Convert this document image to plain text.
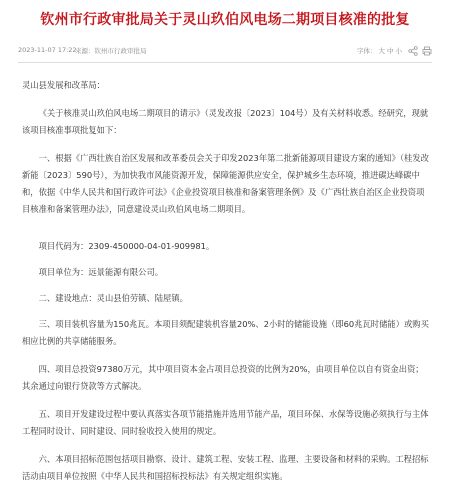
钦州市行政审批局关于灵山玖伯风电场二期项目核准的批复
2023-11-07 17:22
来源：钦州市行政审批局	字体： 大 中 小
灵山县发展和改革局：
《关于核准灵山玖伯风电场二期项目的请示》（灵发改报〔2023〕104号）及有关材料收悉。经研究，现就该项目核准事项批复如下：
一、根据《广西壮族自治区发展和改革委员会关于印发2023年第二批新能源项目建设方案的通知》（桂发改新能〔2023〕590号），为加快我市风能资源开发，保障能源供应安全，保护城乡生态环境，推进碳达峰碳中和，依据《中华人民共和国行政许可法》《企业投资项目核准和备案管理条例》及《广西壮族自治区企业投资项目核准和备案管理办法》，同意建设灵山玖伯风电场二期项目。
项目代码为：2309-450000-04-01-909981。
项目单位为：远景能源有限公司。
二、建设地点：灵山县伯劳镇、陆屋镇。
三、项目装机容量为150兆瓦。本项目须配建装机容量20%、2小时的储能设施（即60兆瓦时储能）或购买相应比例的共享储能服务。
四、项目总投资97380万元，其中项目资本金占项目总投资的比例为20%，由项目单位以自有资金出资；其余通过向银行贷款等方式解决。
五、项目开发建设过程中要认真落实各项节能措施并选用节能产品，项目环保、水保等设施必须执行与主体工程同时设计、同时建设、同时验收投入使用的规定。
六、本项目招标范围包括项目勘察、设计、建筑工程、安装工程、监理、主要设备和材料的采购。工程招标活动由项目单位按照《中华人民共和国招标投标法》有关规定组织实施。
